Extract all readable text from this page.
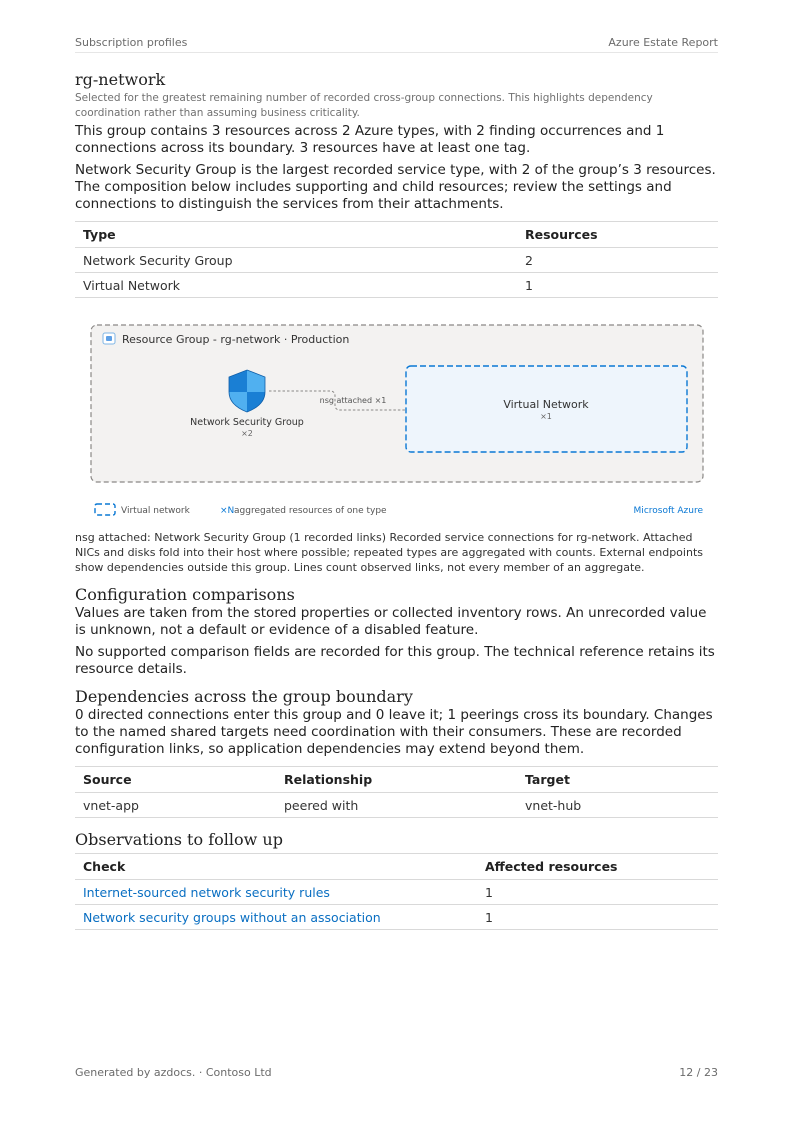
Subscription profiles	Azure Estate Report
rg-network

Selected for the greatest remaining number of recorded cross-group connections. This highlights dependency coordination rather than assuming business criticality.

This group contains 3 resources across 2 Azure types, with 2 finding occurrences and 1 connections across its boundary. 3 resources have at least one tag.

Network Security Group is the largest recorded service type, with 2 of the group’s 3 resources. The composition below includes supporting and child resources; review the settings and connections to distinguish the services from their attachments.

Type	Resources
Network Security Group	2
Virtual Network	1
Resource Group - rg-network · Production
Network Security Group
×2
nsg attached ×1	Virtual Network
×1
Virtual network	×N aggregated resources of one type	Microsoft Azure

nsg attached: Network Security Group (1 recorded links) Recorded service connections for rg-network. Attached NICs and disks fold into their host where possible; repeated types are aggregated with counts. External endpoints show dependencies outside this group. Lines count observed links, not every member of an aggregate.

Configuration comparisons

Values are taken from the stored properties or collected inventory rows. An unrecorded value is unknown, not a default or evidence of a disabled feature.

No supported comparison fields are recorded for this group. The technical reference retains its resource details.

Dependencies across the group boundary

0 directed connections enter this group and 0 leave it; 1 peerings cross its boundary. Changes to the named shared targets need coordination with their consumers. These are recorded configuration links, so application dependencies may extend beyond them.

Source	Relationship	Target
vnet-app	peered with	vnet-hub
Observations to follow up
Check	Affected resources
Internet-sourced network security rules	1
Network security groups without an association	1
Generated by azdocs. · Contoso Ltd	12 / 23
